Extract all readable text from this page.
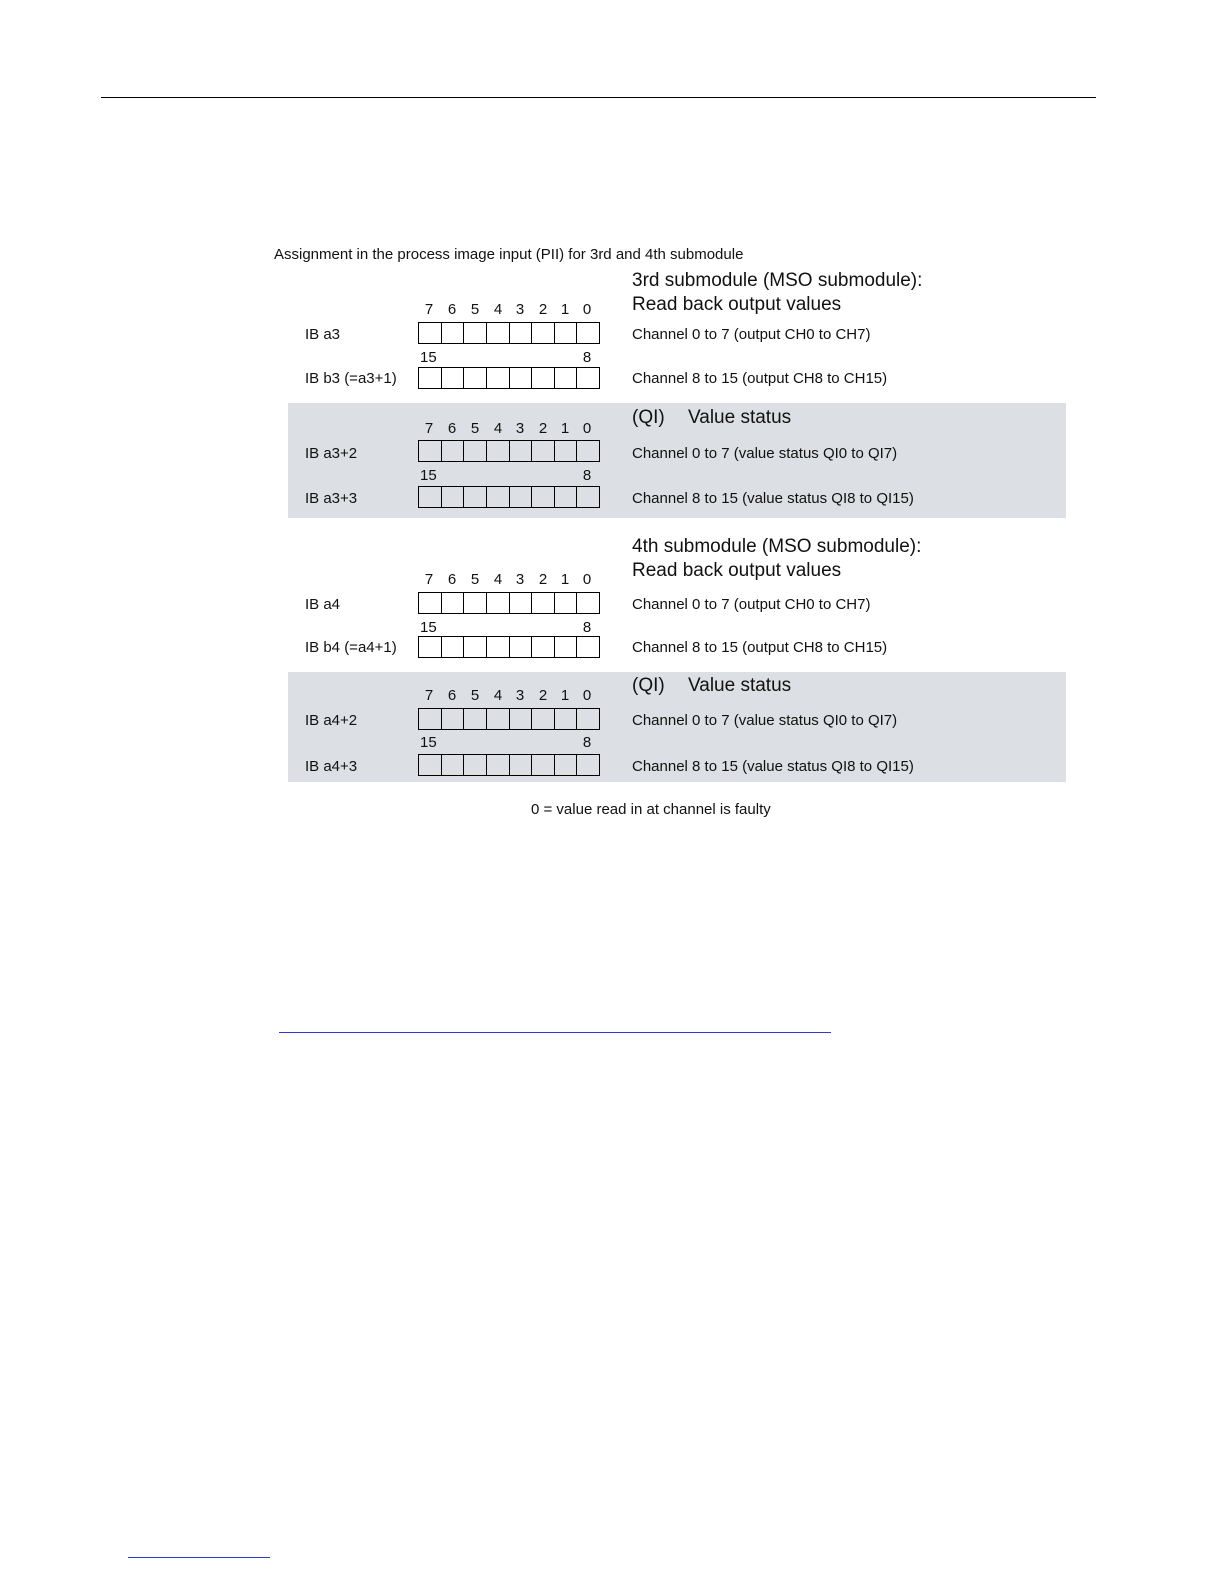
Assignment in the process image input (PII) for 3rd and 4th submodule
3rd submodule (MSO submodule):
Read back output values
7 6 5 4 3 2 1 0
IB a3	Channel 0 to 7 (output CH0 to CH7)
15	8
IB b3 (=a3+1)	Channel 8 to 15 (output CH8 to CH15)
(QI) Value status
7 6 5 4 3 2 1 0
IB a3+2	Channel 0 to 7 (value status QI0 to QI7)
15	8
IB a3+3	Channel 8 to 15 (value status QI8 to QI15)
4th submodule (MSO submodule):
Read back output values
7 6 5 4 3 2 1 0
IB a4	Channel 0 to 7 (output CH0 to CH7)
15	8
IB b4 (=a4+1)	Channel 8 to 15 (output CH8 to CH15)
(QI) Value status
7 6 5 4 3 2 1 0
IB a4+2	Channel 0 to 7 (value status QI0 to QI7)
15	8
IB a4+3	Channel 8 to 15 (value status QI8 to QI15)
0 = value read in at channel is faulty
